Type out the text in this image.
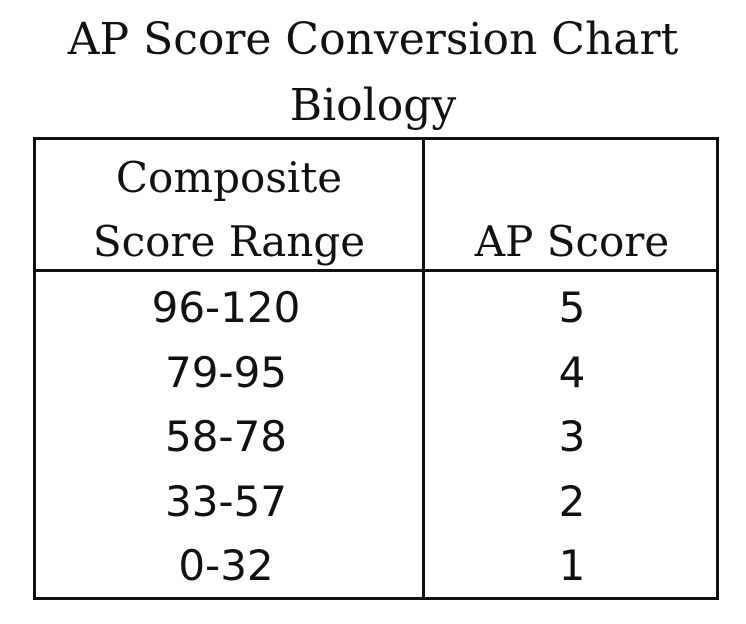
AP Score Conversion Chart
Biology
Composite
Score Range	AP Score
96-120	5
79-95	4
58-78	3
33-57	2
0-32	1
